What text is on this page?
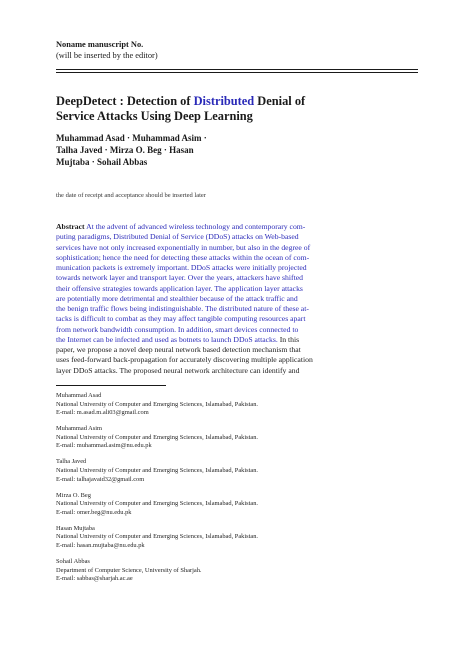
Noname manuscript No.
(will be inserted by the editor)
DeepDetect : Detection of Distributed Denial of
Service Attacks Using Deep Learning
Muhammad Asad · Muhammad Asim ·
Talha Javed · Mirza O. Beg · Hasan
Mujtaba · Sohail Abbas
the date of receipt and acceptance should be inserted later
Abstract At the advent of advanced wireless technology and contemporary com-
puting paradigms, Distributed Denial of Service (DDoS) attacks on Web-based
services have not only increased exponentially in number, but also in the degree of
sophistication; hence the need for detecting these attacks within the ocean of com-
munication packets is extremely important. DDoS attacks were initially projected
towards network layer and transport layer. Over the years, attackers have shifted
their offensive strategies towards application layer. The application layer attacks
are potentially more detrimental and stealthier because of the attack traffic and
the benign traffic flows being indistinguishable. The distributed nature of these at-
tacks is difficult to combat as they may affect tangible computing resources apart
from network bandwidth consumption. In addition, smart devices connected to
the Internet can be infected and used as botnets to launch DDoS attacks. In this
paper, we propose a novel deep neural network based detection mechanism that
uses feed-forward back-propagation for accurately discovering multiple application
layer DDoS attacks. The proposed neural network architecture can identify and
Muhammad Asad
National University of Computer and Emerging Sciences, Islamabad, Pakistan.
E-mail: m.asad.m.ali03@gmail.com
Muhammad Asim
National University of Computer and Emerging Sciences, Islamabad, Pakistan.
E-mail: muhammad.asim@nu.edu.pk
Talha Javed
National University of Computer and Emerging Sciences, Islamabad, Pakistan.
E-mail: talhajavaid32@gmail.com
Mirza O. Beg
National University of Computer and Emerging Sciences, Islamabad, Pakistan.
E-mail: omer.beg@nu.edu.pk
Hasan Mujtaba
National University of Computer and Emerging Sciences, Islamabad, Pakistan.
E-mail: hasan.mujtaba@nu.edu.pk
Sohail Abbas
Department of Computer Science, University of Sharjah.
E-mail: sabbas@sharjah.ac.ae
